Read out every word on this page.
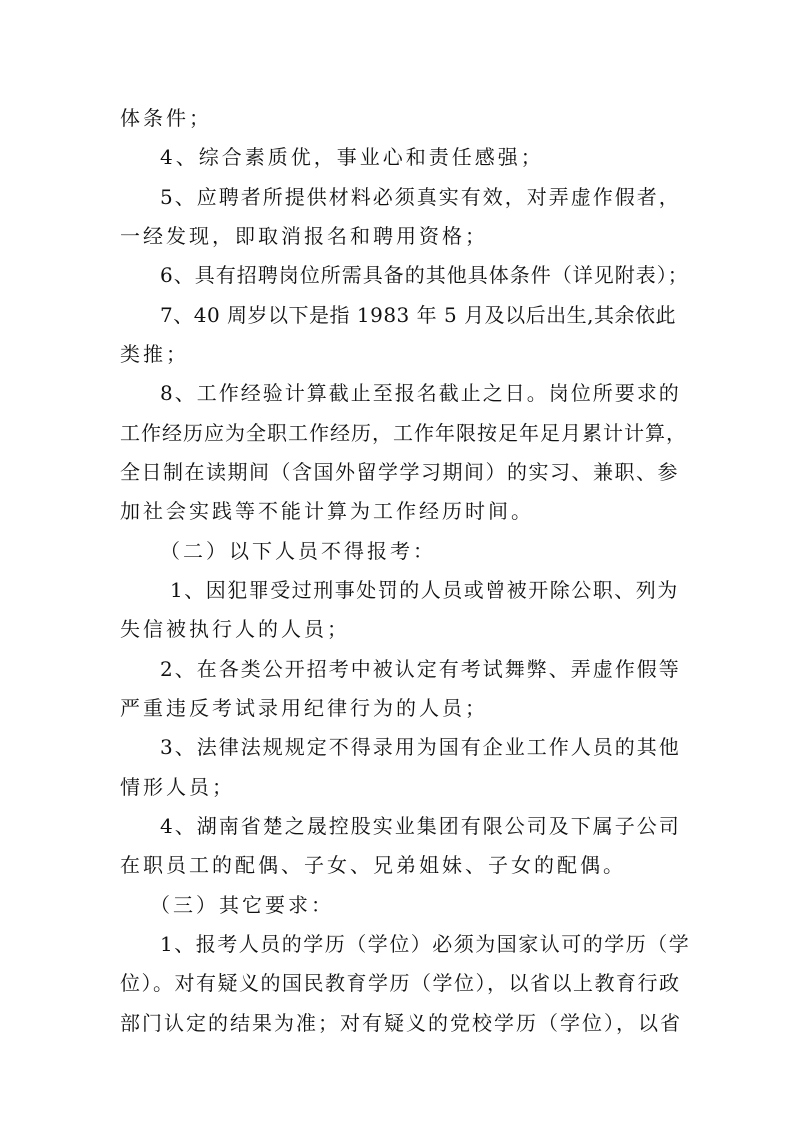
体条件；
4、综合素质优，事业心和责任感强；
5、应聘者所提供材料必须真实有效，对弄虚作假者，
一经发现，即取消报名和聘用资格；
6、具有招聘岗位所需具备的其他具体条件（详见附表）；
7、40 周岁以下是指 1983 年 5 月及以后出生,其余依此
类推；
8、工作经验计算截止至报名截止之日。岗位所要求的
工作经历应为全职工作经历，工作年限按足年足月累计计算，
全日制在读期间（含国外留学学习期间）的实习、兼职、参
加社会实践等不能计算为工作经历时间。
（二）以下人员不得报考：
1、因犯罪受过刑事处罚的人员或曾被开除公职、列为
失信被执行人的人员；
2、在各类公开招考中被认定有考试舞弊、弄虚作假等
严重违反考试录用纪律行为的人员；
3、法律法规规定不得录用为国有企业工作人员的其他
情形人员；
4、湖南省楚之晟控股实业集团有限公司及下属子公司
在职员工的配偶、子女、兄弟姐妹、子女的配偶。
（三）其它要求：
1、报考人员的学历（学位）必须为国家认可的学历（学
位）。对有疑义的国民教育学历（学位），以省以上教育行政
部门认定的结果为准；对有疑义的党校学历（学位），以省
